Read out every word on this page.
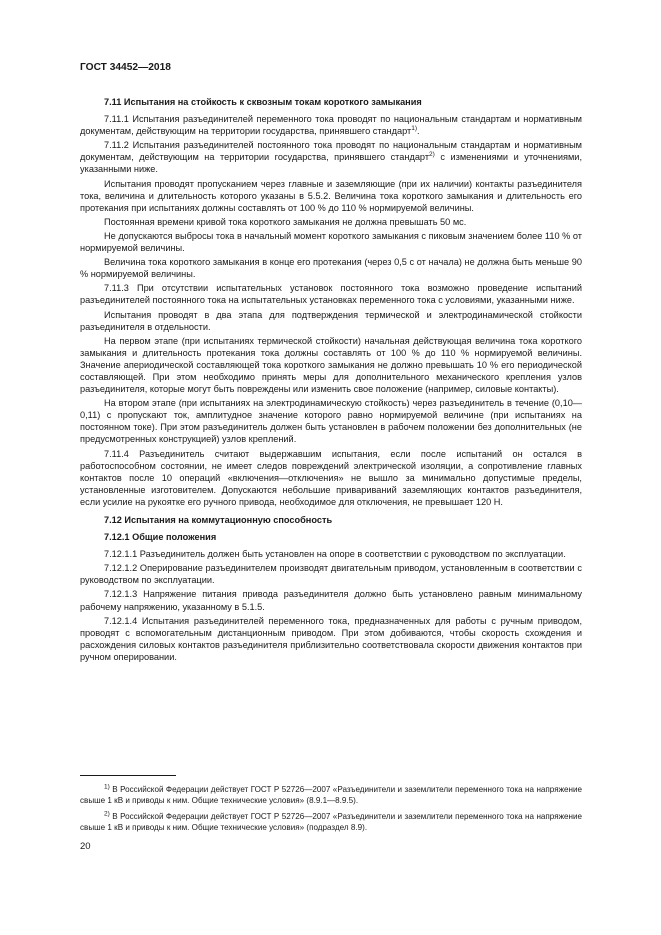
ГОСТ 34452—2018
7.11 Испытания на стойкость к сквозным токам короткого замыкания
7.11.1 Испытания разъединителей переменного тока проводят по национальным стандартам и нормативным документам, действующим на территории государства, принявшего стандарт$^{1)}$.
7.11.2 Испытания разъединителей постоянного тока проводят по национальным стандартам и нормативным документам, действующим на территории государства, принявшего стандарт$^{2)}$ с изменениями и уточнениями, указанными ниже.
Испытания проводят пропусканием через главные и заземляющие (при их наличии) контакты разъединителя тока, величина и длительность которого указаны в 5.5.2. Величина тока короткого замыкания и длительность его протекания при испытаниях должны составлять от 100 % до 110 % нормируемой величины.
Постоянная времени кривой тока короткого замыкания не должна превышать 50 мс.
Не допускаются выбросы тока в начальный момент короткого замыкания с пиковым значением более 110 % от нормируемой величины.
Величина тока короткого замыкания в конце его протекания (через 0,5 с от начала) не должна быть меньше 90 % нормируемой величины.
7.11.3 При отсутствии испытательных установок постоянного тока возможно проведение испытаний разъединителей постоянного тока на испытательных установках переменного тока с условиями, указанными ниже.
Испытания проводят в два этапа для подтверждения термической и электродинамической стойкости разъединителя в отдельности.
На первом этапе (при испытаниях термической стойкости) начальная действующая величина тока короткого замыкания и длительность протекания тока должны составлять от 100 % до 110 % нормируемой величины. Значение апериодической составляющей тока короткого замыкания не должно превышать 10 % его периодической составляющей. При этом необходимо принять меры для дополнительного механического крепления узлов разъединителя, которые могут быть повреждены или изменить свое положение (например, силовые контакты).
На втором этапе (при испытаниях на электродинамическую стойкость) через разъединитель в течение (0,10—0,11) с пропускают ток, амплитудное значение которого равно нормируемой величине (при испытаниях на постоянном токе). При этом разъединитель должен быть установлен в рабочем положении без дополнительных (не предусмотренных конструкцией) узлов креплений.
7.11.4 Разъединитель считают выдержавшим испытания, если после испытаний он остался в работоспособном состоянии, не имеет следов повреждений электрической изоляции, а сопротивление главных контактов после 10 операций «включения—отключения» не вышло за минимально допустимые пределы, установленные изготовителем. Допускаются небольшие привариваний заземляющих контактов разъединителя, если усилие на рукоятке его ручного привода, необходимое для отключения, не превышает 120 Н.
7.12 Испытания на коммутационную способность
7.12.1 Общие положения
7.12.1.1 Разъединитель должен быть установлен на опоре в соответствии с руководством по эксплуатации.
7.12.1.2 Оперирование разъединителем производят двигательным приводом, установленным в соответствии с руководством по эксплуатации.
7.12.1.3 Напряжение питания привода разъединителя должно быть установлено равным минимальному рабочему напряжению, указанному в 5.1.5.
7.12.1.4 Испытания разъединителей переменного тока, предназначенных для работы с ручным приводом, проводят с вспомогательным дистанционным приводом. При этом добиваются, чтобы скорость схождения и расхождения силовых контактов разъединителя приблизительно соответствовала скорости движения контактов при ручном оперировании.
$^{1)}$ В Российской Федерации действует ГОСТ Р 52726—2007 «Разъединители и заземлители переменного тока на напряжение свыше 1 кВ и приводы к ним. Общие технические условия» (8.9.1—8.9.5).
$^{2)}$ В Российской Федерации действует ГОСТ Р 52726—2007 «Разъединители и заземлители переменного тока на напряжение свыше 1 кВ и приводы к ним. Общие технические условия» (подраздел 8.9).
20
